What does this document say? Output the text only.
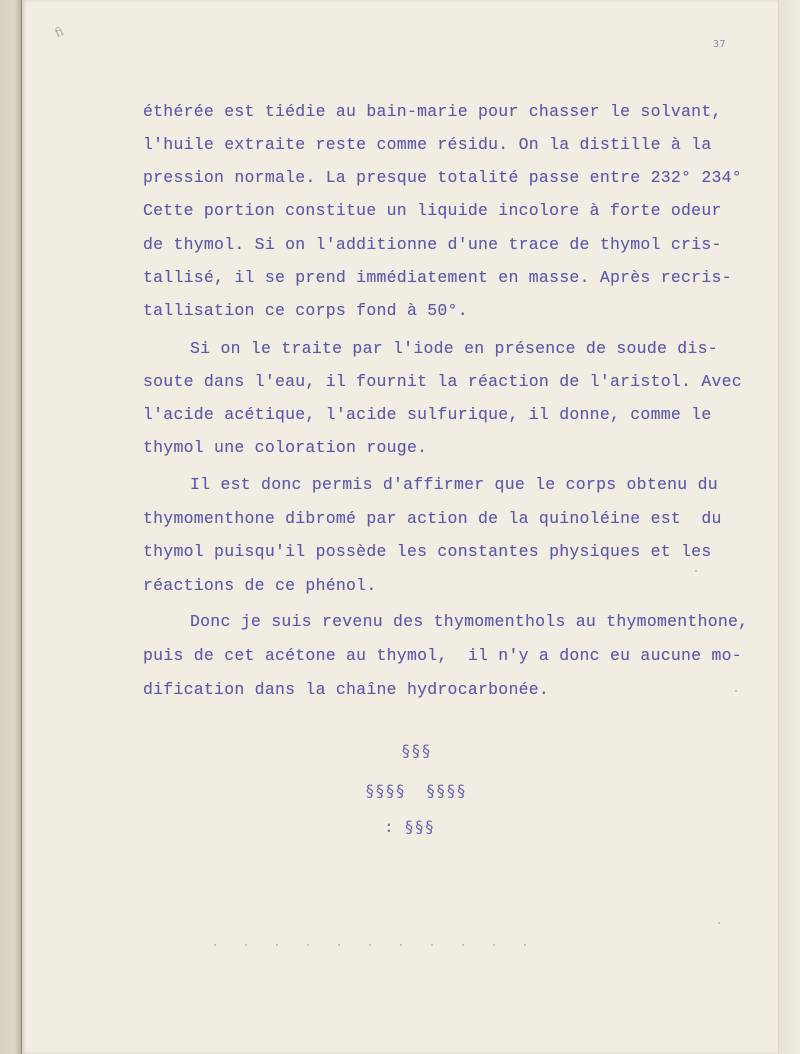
ﬁ
37
éthérée est tiédie au bain-marie pour chasser le solvant,
l'huile extraite reste comme résidu. On la distille à la
pression normale. La presque totalité passe entre 232° 234°
Cette portion constitue un liquide incolore à forte odeur
de thymol. Si on l'additionne d'une trace de thymol cris-
tallisé, il se prend immédiatement en masse. Après recris-
tallisation ce corps fond à 50°.
Si on le traite par l'iode en présence de soude dis-
soute dans l'eau, il fournit la réaction de l'aristol. Avec
l'acide acétique, l'acide sulfurique, il donne, comme le
thymol une coloration rouge.
Il est donc permis d'affirmer que le corps obtenu du
thymomenthone dibromé par action de la quinoléine est  du
thymol puisqu'il possède les constantes physiques et les
réactions de ce phénol.
Donc je suis revenu des thymomenthols au thymomenthone,
puis de cet acétone au thymol,  il n'y a donc eu aucune mo-
dification dans la chaîne hydrocarbonée.
§§§
§§§§  §§§§
: §§§
